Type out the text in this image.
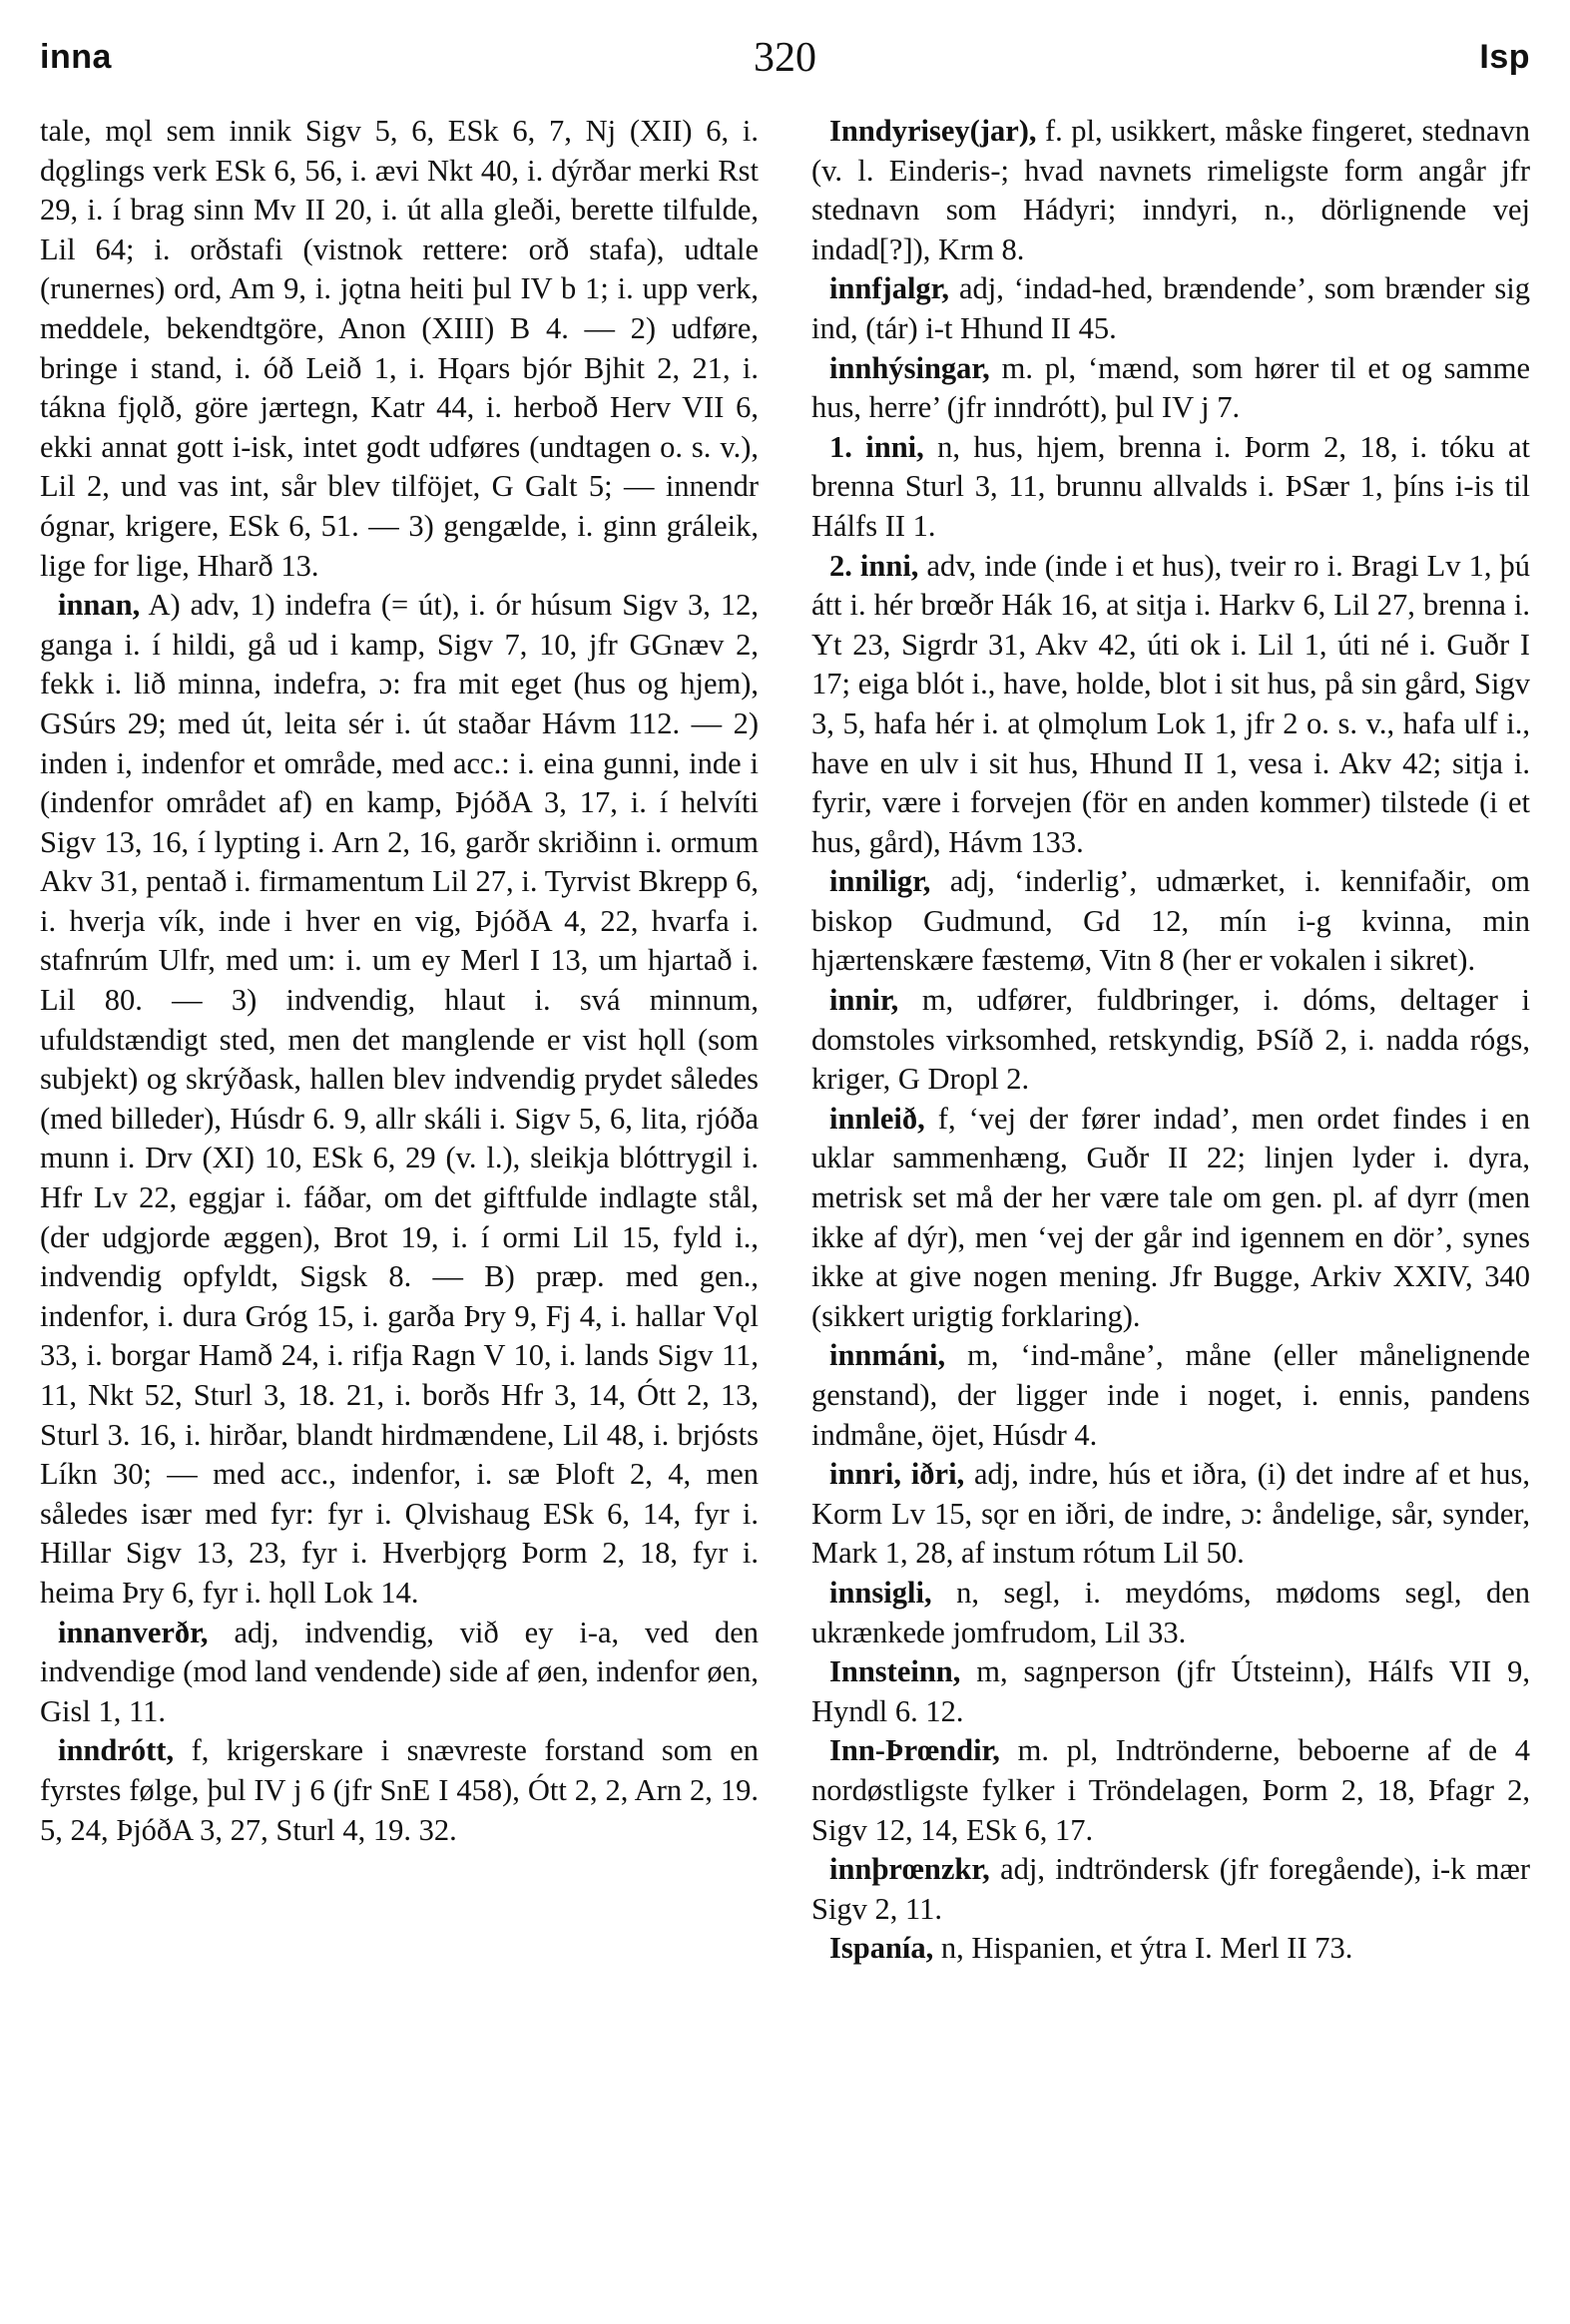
inna	320	Isp

tale, mǫl sem innik Sigv 5, 6, ESk 6, 7, Nj (XII) 6, i. dǫglings verk ESk 6, 56, i. ævi Nkt 40, i. dýrðar merki Rst 29, i. í brag sinn Mv II 20, i. út alla gleði, berette tilfulde, Lil 64; i. orðstafi (vistnok rettere: orð stafa), udtale (runernes) ord, Am 9, i. jǫtna heiti þul IV b 1; i. upp verk, meddele, bekendtgöre, Anon (XIII) B 4. — 2) udføre, bringe i stand, i. óð Leið 1, i. Hǫars bjór Bjhit 2, 21, i. tákna fjǫlð, göre jærtegn, Katr 44, i. herboð Herv VII 6, ekki annat gott i-isk, intet godt udføres (undtagen o. s. v.), Lil 2, und vas int, sår blev tilföjet, G Galt 5; — innendr ógnar, krigere, ESk 6, 51. — 3) gengælde, i. ginn gráleik, lige for lige, Hharð 13.

innan, A) adv, 1) indefra (= út), i. ór húsum Sigv 3, 12, ganga i. í hildi, gå ud i kamp, Sigv 7, 10, jfr GGnæv 2, fekk i. lið minna, indefra, ɔ: fra mit eget (hus og hjem), GSúrs 29; med út, leita sér i. út staðar Hávm 112. — 2) inden i, indenfor et område, med acc.: i. eina gunni, inde i (indenfor området af) en kamp, ÞjóðA 3, 17, i. í helvíti Sigv 13, 16, í lypting i. Arn 2, 16, garðr skriðinn i. ormum Akv 31, pentað i. firmamentum Lil 27, i. Tyrvist Bkrepp 6, i. hverja vík, inde i hver en vig, ÞjóðA 4, 22, hvarfa i. stafnrúm Ulfr, med um: i. um ey Merl I 13, um hjartað i. Lil 80. — 3) indvendig, hlaut i. svá minnum, ufuldstændigt sted, men det manglende er vist hǫll (som subjekt) og skrýðask, hallen blev indvendig prydet således (med billeder), Húsdr 6. 9, allr skáli i. Sigv 5, 6, lita, rjóða munn i. Drv (XI) 10, ESk 6, 29 (v. l.), sleikja blóttrygil i. Hfr Lv 22, eggjar i. fáðar, om det giftfulde indlagte stål, (der udgjorde æggen), Brot 19, i. í ormi Lil 15, fyld i., indvendig opfyldt, Sigsk 8. — B) præp. med gen., indenfor, i. dura Gróg 15, i. garða Þry 9, Fj 4, i. hallar Vǫl 33, i. borgar Hamð 24, i. rifja Ragn V 10, i. lands Sigv 11, 11, Nkt 52, Sturl 3, 18. 21, i. borðs Hfr 3, 14, Ótt 2, 13, Sturl 3. 16, i. hirðar, blandt hirdmændene, Lil 48, i. brjósts Líkn 30; — med acc., indenfor, i. sæ Þloft 2, 4, men således især med fyr: fyr i. Ǫlvishaug ESk 6, 14, fyr i. Hillar Sigv 13, 23, fyr i. Hverbjǫrg Þorm 2, 18, fyr i. heima Þry 6, fyr i. hǫll Lok 14.

innanverðr, adj, indvendig, við ey i-a, ved den indvendige (mod land vendende) side af øen, indenfor øen, Gisl 1, 11.

inndrótt, f, krigerskare i snævreste forstand som en fyrstes følge, þul IV j 6 (jfr SnE I 458), Ótt 2, 2, Arn 2, 19. 5, 24, ÞjóðA 3, 27, Sturl 4, 19. 32.

Inndyrisey(jar), f. pl, usikkert, måske fingeret, stednavn (v. l. Einderis-; hvad navnets rimeligste form angår jfr stednavn som Hádyri; inndyri, n., dörlignende vej indad[?]), Krm 8.

innfjalgr, adj, ‘indad-hed, brændende’, som brænder sig ind, (tár) i-t Hhund II 45.

innhýsingar, m. pl, ‘mænd, som hører til et og samme hus, herre’ (jfr inndrótt), þul IV j 7.

1. inni, n, hus, hjem, brenna i. Þorm 2, 18, i. tóku at brenna Sturl 3, 11, brunnu allvalds i. ÞSær 1, þíns i-is til Hálfs II 1.

2. inni, adv, inde (inde i et hus), tveir ro i. Bragi Lv 1, þú átt i. hér brœðr Hák 16, at sitja i. Harkv 6, Lil 27, brenna i. Yt 23, Sigrdr 31, Akv 42, úti ok i. Lil 1, úti né i. Guðr I 17; eiga blót i., have, holde, blot i sit hus, på sin gård, Sigv 3, 5, hafa hér i. at ǫlmǫlum Lok 1, jfr 2 o. s. v., hafa ulf i., have en ulv i sit hus, Hhund II 1, vesa i. Akv 42; sitja i. fyrir, være i forvejen (för en anden kommer) tilstede (i et hus, gård), Hávm 133.

inniligr, adj, ‘inderlig’, udmærket, i. kennifaðir, om biskop Gudmund, Gd 12, mín i-g kvinna, min hjærtenskære fæstemø, Vitn 8 (her er vokalen i sikret).

innir, m, udfører, fuldbringer, i. dóms, deltager i domstoles virksomhed, retskyndig, ÞSíð 2, i. nadda rógs, kriger, G Dropl 2.

innleið, f, ‘vej der fører indad’, men ordet findes i en uklar sammenhæng, Guðr II 22; linjen lyder i. dyra, metrisk set må der her være tale om gen. pl. af dyrr (men ikke af dýr), men ‘vej der går ind igennem en dör’, synes ikke at give nogen mening. Jfr Bugge, Arkiv XXIV, 340 (sikkert urigtig forklaring).

innmáni, m, ‘ind-måne’, måne (eller månelignende genstand), der ligger inde i noget, i. ennis, pandens indmåne, öjet, Húsdr 4.

innri, iðri, adj, indre, hús et iðra, (i) det indre af et hus, Korm Lv 15, sǫr en iðri, de indre, ɔ: åndelige, sår, synder, Mark 1, 28, af instum rótum Lil 50.

innsigli, n, segl, i. meydóms, mødoms segl, den ukrænkede jomfrudom, Lil 33.

Innsteinn, m, sagnperson (jfr Útsteinn), Hálfs VII 9, Hyndl 6. 12.

Inn-Þrœndir, m. pl, Indtrönderne, beboerne af de 4 nordøstligste fylker i Tröndelagen, Þorm 2, 18, Þfagr 2, Sigv 12, 14, ESk 6, 17.

innþrœnzkr, adj, indtröndersk (jfr foregående), i-k mær Sigv 2, 11.

Ispanía, n, Hispanien, et ýtra I. Merl II 73.
